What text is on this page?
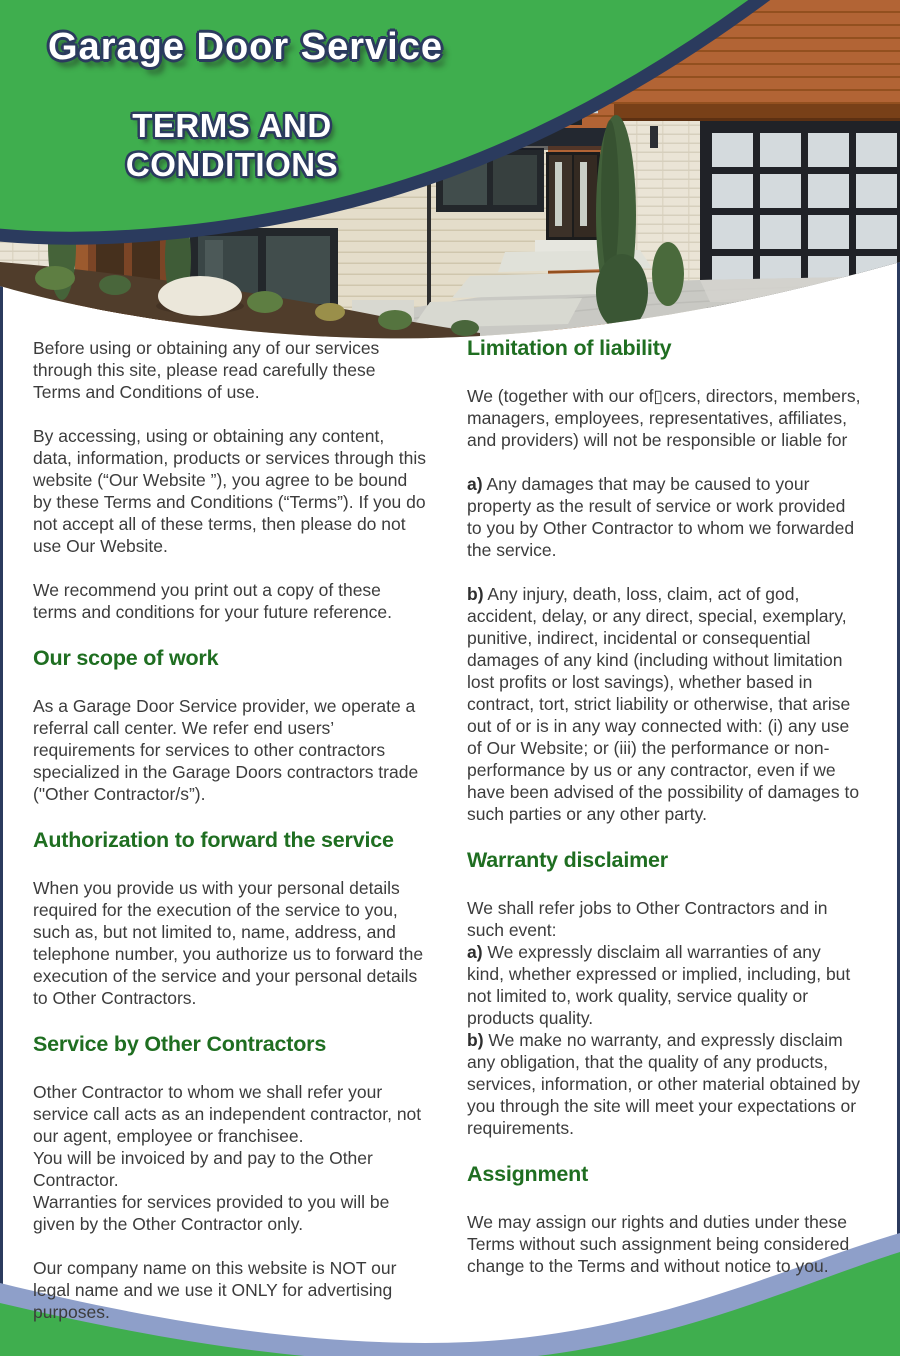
Garage Door Service
TERMS AND
CONDITIONS

Before using or obtaining any of our services through this site, please read carefully these Terms and Conditions of use.

By accessing, using or obtaining any content, data, information, products or services through this website (“Our Website ”), you agree to be bound by these Terms and Conditions (“Terms”). If you do not accept all of these terms, then please do not use Our Website.

We recommend you print out a copy of these terms and conditions for your future reference.

Our scope of work

As a Garage Door Service provider, we operate a referral call center. We refer end users’ requirements for services to other contractors specialized in the Garage Doors contractors trade ("Other Contractor/s”).

Authorization to forward the service

When you provide us with your personal details required for the execution of the service to you, such as, but not limited to, name, address, and telephone number, you authorize us to forward the execution of the service and your personal details to Other Contractors.

Service by Other Contractors

Other Contractor to whom we shall refer your service call acts as an independent contractor, not our agent, employee or franchisee.
You will be invoiced by and pay to the Other Contractor.
Warranties for services provided to you will be given by the Other Contractor only.

Our company name on this website is NOT our legal name and we use it ONLY for advertising purposes.

Limitation of liability

We (together with our of▯cers, directors, members, managers, employees, representatives, affiliates, and providers) will not be responsible or liable for

a) Any damages that may be caused to your property as the result of service or work provided to you by Other Contractor to whom we forwarded the service.

b) Any injury, death, loss, claim, act of god, accident, delay, or any direct, special, exemplary, punitive, indirect, incidental or consequential damages of any kind (including without limitation lost profits or lost savings), whether based in contract, tort, strict liability or otherwise, that arise out of or is in any way connected with: (i) any use of Our Website; or (iii) the performance or non-performance by us or any contractor, even if we have been advised of the possibility of damages to such parties or any other party.

Warranty disclaimer

We shall refer jobs to Other Contractors and in such event:
a) We expressly disclaim all warranties of any kind, whether expressed or implied, including, but not limited to, work quality, service quality or products quality.
b) We make no warranty, and expressly disclaim any obligation, that the quality of any products, services, information, or other material obtained by you through the site will meet your expectations or requirements.

Assignment

We may assign our rights and duties under these Terms without such assignment being considered change to the Terms and without notice to you.
